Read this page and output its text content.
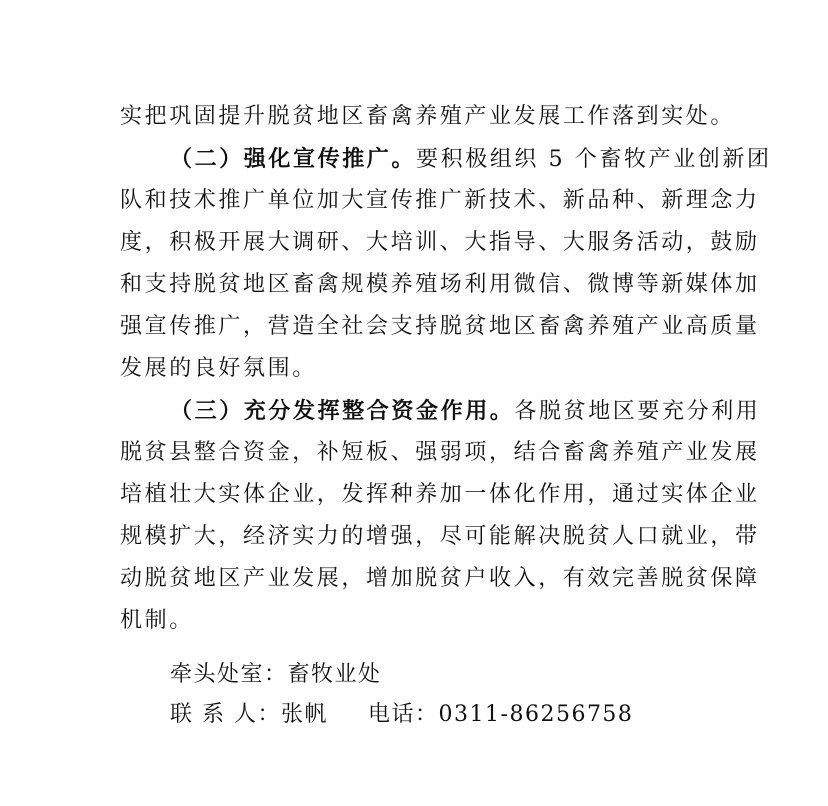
实把巩固提升脱贫地区畜禽养殖产业发展工作落到实处。
（二）强化宣传推广。要积极组织 5 个畜牧产业创新团
队和技术推广单位加大宣传推广新技术、新品种、新理念力
度，积极开展大调研、大培训、大指导、大服务活动，鼓励
和支持脱贫地区畜禽规模养殖场利用微信、微博等新媒体加
强宣传推广，营造全社会支持脱贫地区畜禽养殖产业高质量
发展的良好氛围。
（三）充分发挥整合资金作用。各脱贫地区要充分利用
脱贫县整合资金，补短板、强弱项，结合畜禽养殖产业发展
培植壮大实体企业，发挥种养加一体化作用，通过实体企业
规模扩大，经济实力的增强，尽可能解决脱贫人口就业，带
动脱贫地区产业发展，增加脱贫户收入，有效完善脱贫保障
机制。
牵头处室：畜牧业处
联 系 人：张帆 电话：0311-86256758
